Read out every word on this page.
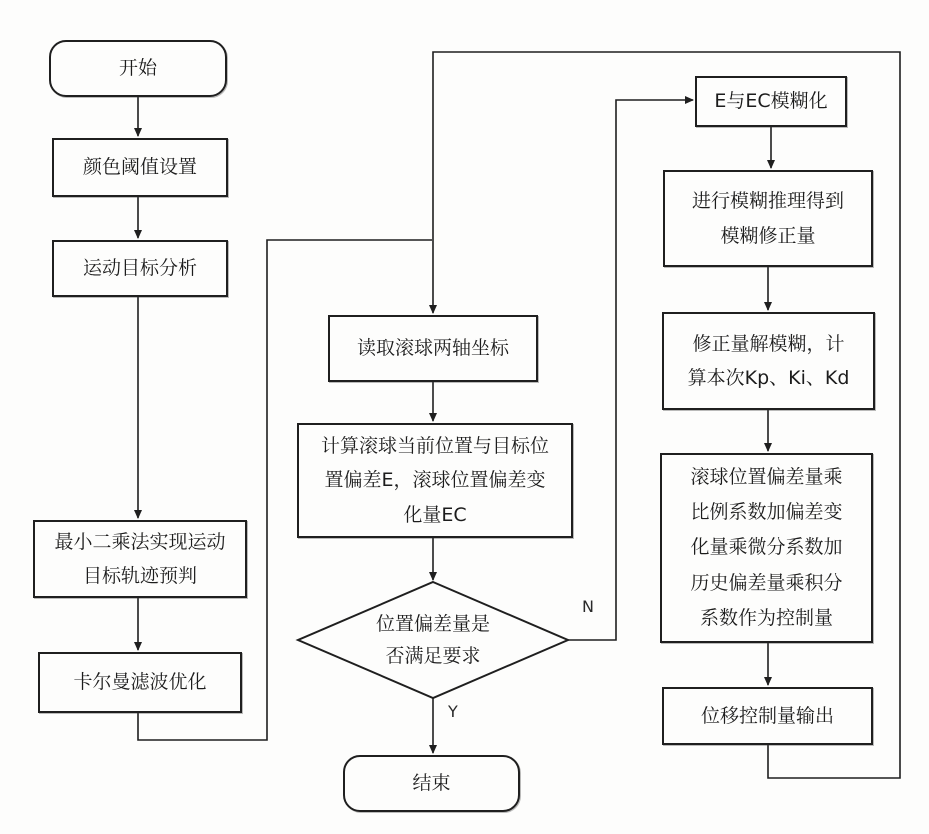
开始
颜色阈值设置
运动目标分析
最小二乘法实现运动
目标轨迹预判
卡尔曼滤波优化
读取滚球两轴坐标
计算滚球当前位置与目标位
置偏差E，滚球位置偏差变
化量EC
位置偏差量是
否满足要求
结束
E与EC模糊化
进行模糊推理得到
模糊修正量
修正量解模糊，计
算本次Kp、Ki、Kd
滚球位置偏差量乘
比例系数加偏差变
化量乘微分系数加
历史偏差量乘积分
系数作为控制量
位移控制量输出
N
Y
